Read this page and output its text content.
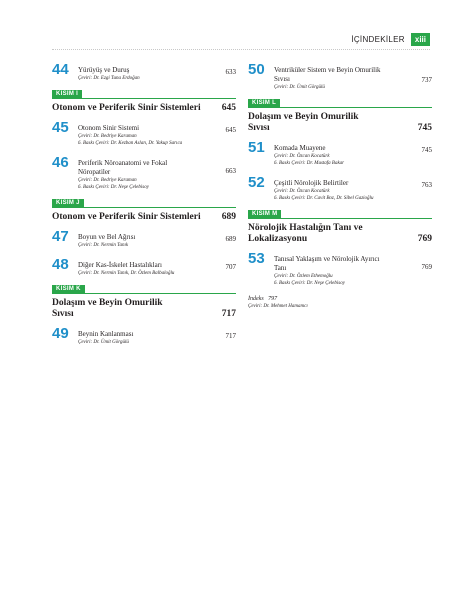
İÇİNDEKİLER	xiii
44	Yürüyüş ve Duruş
Çeviri: Dr. Ezgi Tuna Erdoğan
633
KISIM I
Otonom ve Periferik Sinir Sistemleri 645
45	Otonom Sinir Sistemi
Çeviri: Dr. Bedriye Karaman
6. Baskı Çeviri: Dr. Kezban Aslan, Dr. Yakup Sarıca
645
46	Periferik Nöroanatomi ve Fokal Nöropatiler
Çeviri: Dr. Bedriye Karaman
6. Baskı Çeviri: Dr. Neşe Çelebisoy
663
KISIM J
Otonom ve Periferik Sinir Sistemleri 689
47	Boyun ve Bel Ağrısı
Çeviri: Dr. Nermin Tanık
689
48	Diğer Kas-İskelet Hastalıkları
Çeviri: Dr. Nermin Tanık, Dr. Özlem Balbaloğlu
707
KISIM K
Dolaşım ve Beyin Omurilik Sıvısı	717
49	Beynin Kanlanması
Çeviri: Dr. Ümit Görgülü
717
50	Ventriküler Sistem ve Beyin Omurilik Sıvısı
Çeviri: Dr. Ümit Görgülü
737
KISIM L
Dolaşım ve Beyin Omurilik Sıvısı	745
51	Komada Muayene
Çeviri: Dr. Özcan Kocatürk
6. Baskı Çeviri: Dr. Mustafa Bakar
745
52	Çeşitli Nörolojik Belirtiler
Çeviri: Dr. Özcan Kocatürk
6. Baskı Çeviri: Dr. Cavit Boz, Dr. Sibel Gazioğlu
763
KISIM M
Nörolojik Hastalığın Tanı ve Lokalizasyonu	769
53	Tanısal Yaklaşım ve Nörolojik Ayırıcı Tanı
Çeviri: Dr. Özlem Ethemoğlu
6. Baskı Çeviri: Dr. Neşe Çelebisoy
769
İndeks 797
Çeviri: Dr. Mehmet Hamamcı
